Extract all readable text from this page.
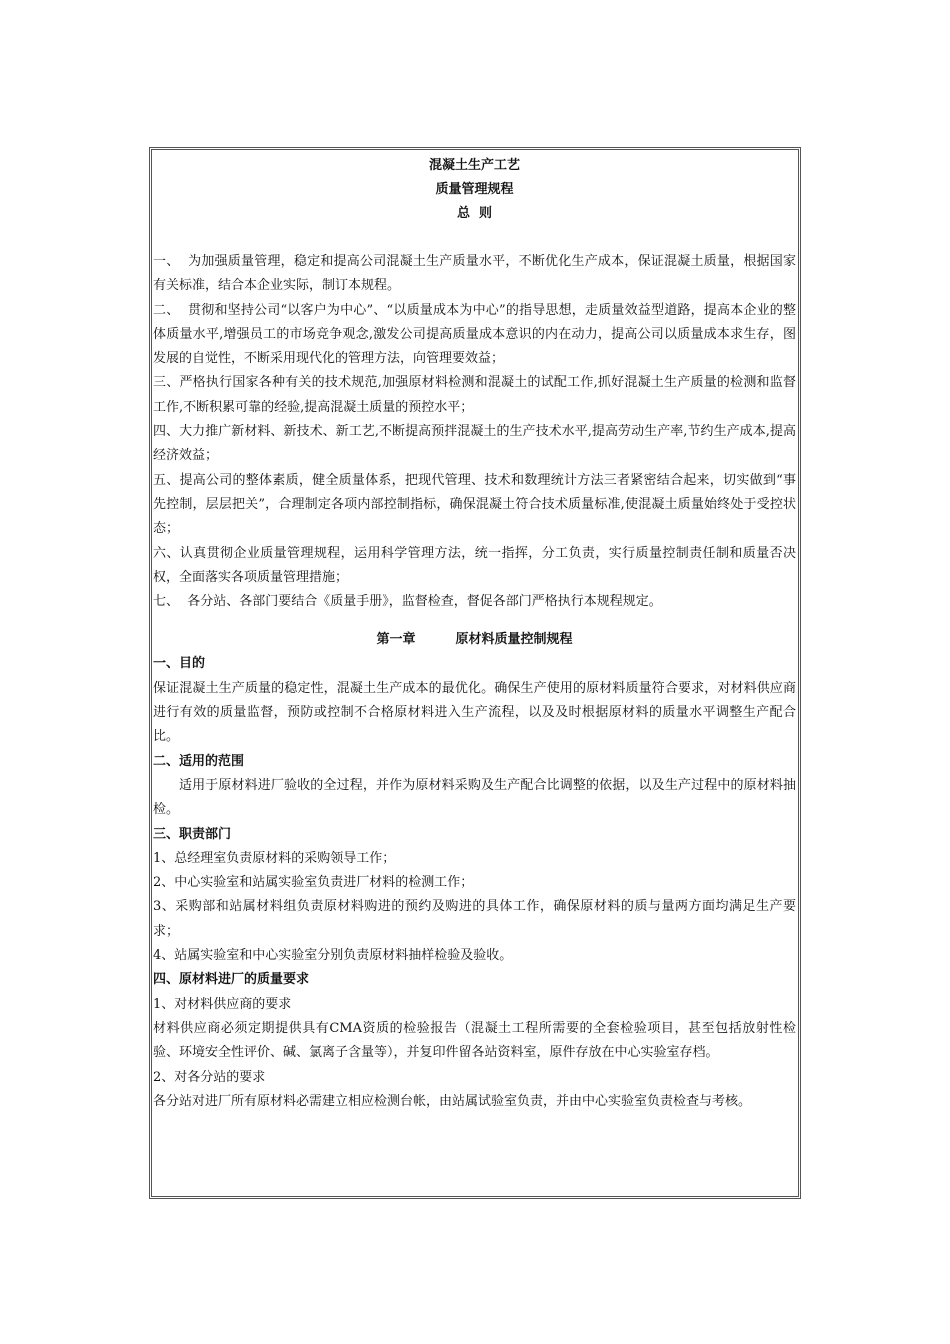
混凝土生产工艺
质量管理规程
总  则

一、  为加强质量管理，稳定和提高公司混凝土生产质量水平，不断优化生产成本，保证混凝土质量，根据国家有关标准，结合本企业实际，制订本规程。

二、  贯彻和坚持公司“以客户为中心”、“以质量成本为中心”的指导思想，走质量效益型道路，提高本企业的整体质量水平,增强员工的市场竞争观念,激发公司提高质量成本意识的内在动力，提高公司以质量成本求生存，图发展的自觉性，不断采用现代化的管理方法，向管理要效益；

三、严格执行国家各种有关的技术规范,加强原材料检测和混凝土的试配工作,抓好混凝土生产质量的检测和监督工作,不断积累可靠的经验,提高混凝土质量的预控水平；

四、大力推广新材料、新技术、新工艺,不断提高预拌混凝土的生产技术水平,提高劳动生产率,节约生产成本,提高经济效益；

五、提高公司的整体素质，健全质量体系，把现代管理、技术和数理统计方法三者紧密结合起来，切实做到“事先控制，层层把关”，合理制定各项内部控制指标，确保混凝土符合技术质量标准,使混凝土质量始终处于受控状态；

六、认真贯彻企业质量管理规程，运用科学管理方法，统一指挥，分工负责，实行质量控制责任制和质量否决权，全面落实各项质量管理措施；

七、  各分站、各部门要结合《质量手册》，监督检查，督促各部门严格执行本规程规定。

第一章	原材料质量控制规程

一、目的

保证混凝土生产质量的稳定性，混凝土生产成本的最优化。确保生产使用的原材料质量符合要求，对材料供应商进行有效的质量监督，预防或控制不合格原材料进入生产流程，以及及时根据原材料的质量水平调整生产配合比。

二、适用的范围

适用于原材料进厂验收的全过程，并作为原材料采购及生产配合比调整的依据，以及生产过程中的原材料抽检。

三、职责部门

1、总经理室负责原材料的采购领导工作；

2、中心实验室和站属实验室负责进厂材料的检测工作；

3、采购部和站属材料组负责原材料购进的预约及购进的具体工作，确保原材料的质与量两方面均满足生产要求；

4、站属实验室和中心实验室分别负责原材料抽样检验及验收。

四、原材料进厂的质量要求

1、对材料供应商的要求

材料供应商必须定期提供具有CMA资质的检验报告（混凝土工程所需要的全套检验项目，甚至包括放射性检验、环境安全性评价、碱、氯离子含量等），并复印件留各站资料室，原件存放在中心实验室存档。

2、对各分站的要求

各分站对进厂所有原材料必需建立相应检测台帐，由站属试验室负责，并由中心实验室负责检查与考核。
